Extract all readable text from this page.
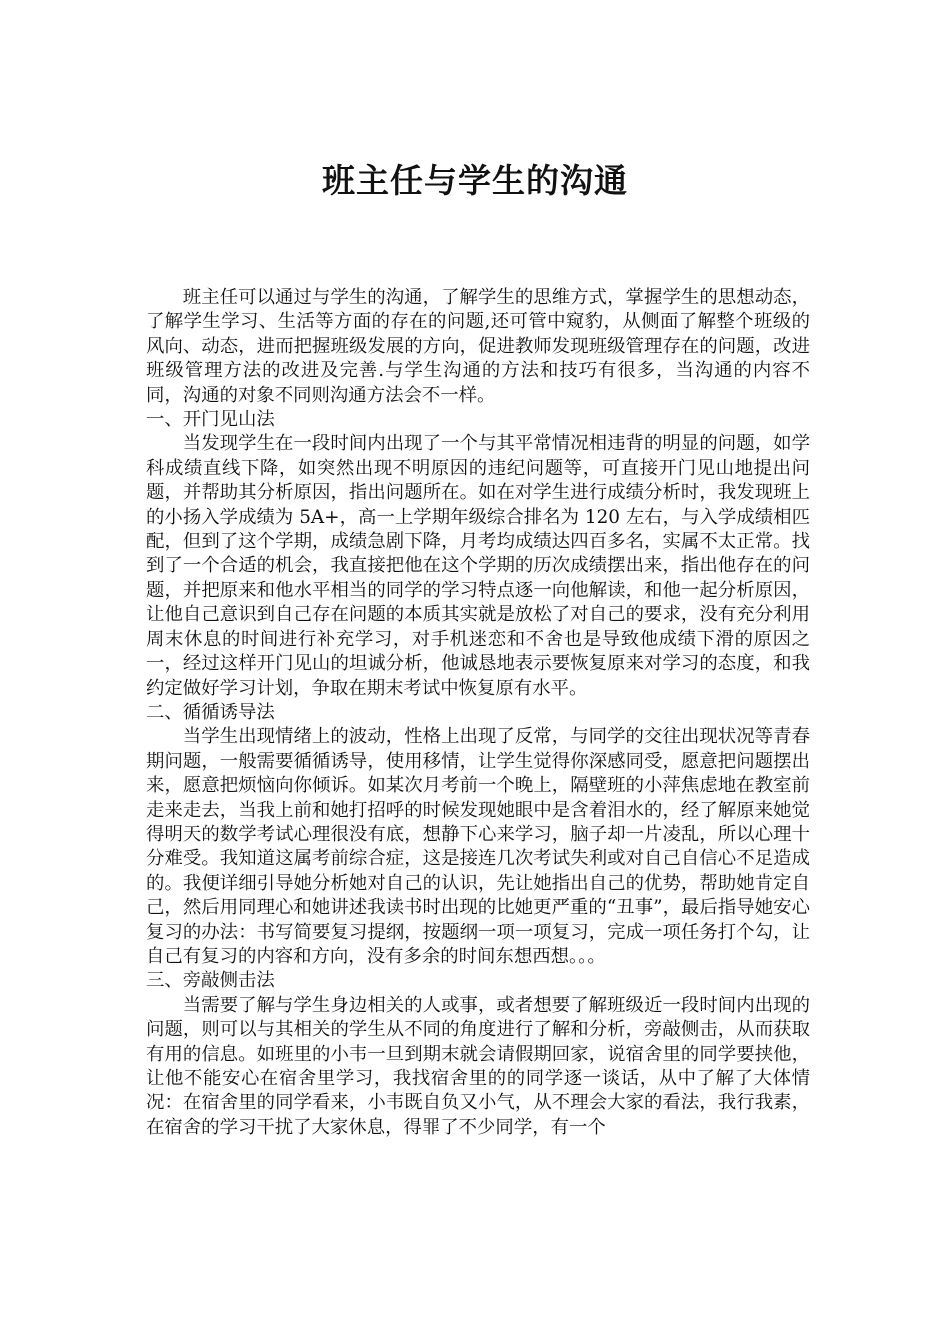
班主任与学生的沟通

班主任可以通过与学生的沟通，了解学生的思维方式，掌握学生的思想动态，了解学生学习、生活等方面的存在的问题,还可管中窥豹，从侧面了解整个班级的风向、动态，进而把握班级发展的方向，促进教师发现班级管理存在的问题，改进班级管理方法的改进及完善.与学生沟通的方法和技巧有很多，当沟通的内容不同，沟通的对象不同则沟通方法会不一样。

一、开门见山法

当发现学生在一段时间内出现了一个与其平常情况相违背的明显的问题，如学科成绩直线下降，如突然出现不明原因的违纪问题等，可直接开门见山地提出问题，并帮助其分析原因，指出问题所在。如在对学生进行成绩分析时，我发现班上的小扬入学成绩为 5A+，高一上学期年级综合排名为 120 左右，与入学成绩相匹配，但到了这个学期，成绩急剧下降，月考均成绩达四百多名，实属不太正常。找到了一个合适的机会，我直接把他在这个学期的历次成绩摆出来，指出他存在的问题，并把原来和他水平相当的同学的学习特点逐一向他解读，和他一起分析原因，让他自己意识到自己存在问题的本质其实就是放松了对自己的要求，没有充分利用周末休息的时间进行补充学习，对手机迷恋和不舍也是导致他成绩下滑的原因之一，经过这样开门见山的坦诚分析，他诚恳地表示要恢复原来对学习的态度，和我约定做好学习计划，争取在期末考试中恢复原有水平。

二、循循诱导法

当学生出现情绪上的波动，性格上出现了反常，与同学的交往出现状况等青春期问题，一般需要循循诱导，使用移情，让学生觉得你深感同受，愿意把问题摆出来，愿意把烦恼向你倾诉。如某次月考前一个晚上，隔壁班的小萍焦虑地在教室前走来走去，当我上前和她打招呼的时候发现她眼中是含着泪水的，经了解原来她觉得明天的数学考试心理很没有底，想静下心来学习，脑子却一片凌乱，所以心理十分难受。我知道这属考前综合症，这是接连几次考试失利或对自己自信心不足造成的。我便详细引导她分析她对自己的认识，先让她指出自己的优势，帮助她肯定自己，然后用同理心和她讲述我读书时出现的比她更严重的“丑事”，最后指导她安心复习的办法：书写简要复习提纲，按题纲一项一项复习，完成一项任务打个勾，让自己有复习的内容和方向，没有多余的时间东想西想。。。

三、旁敲侧击法

当需要了解与学生身边相关的人或事，或者想要了解班级近一段时间内出现的问题，则可以与其相关的学生从不同的角度进行了解和分析，旁敲侧击，从而获取有用的信息。如班里的小韦一旦到期末就会请假期回家，说宿舍里的同学要挟他，让他不能安心在宿舍里学习，我找宿舍里的的同学逐一谈话，从中了解了大体情况：在宿舍里的同学看来，小韦既自负又小气，从不理会大家的看法，我行我素，在宿舍的学习干扰了大家休息，得罪了不少同学，有一个
